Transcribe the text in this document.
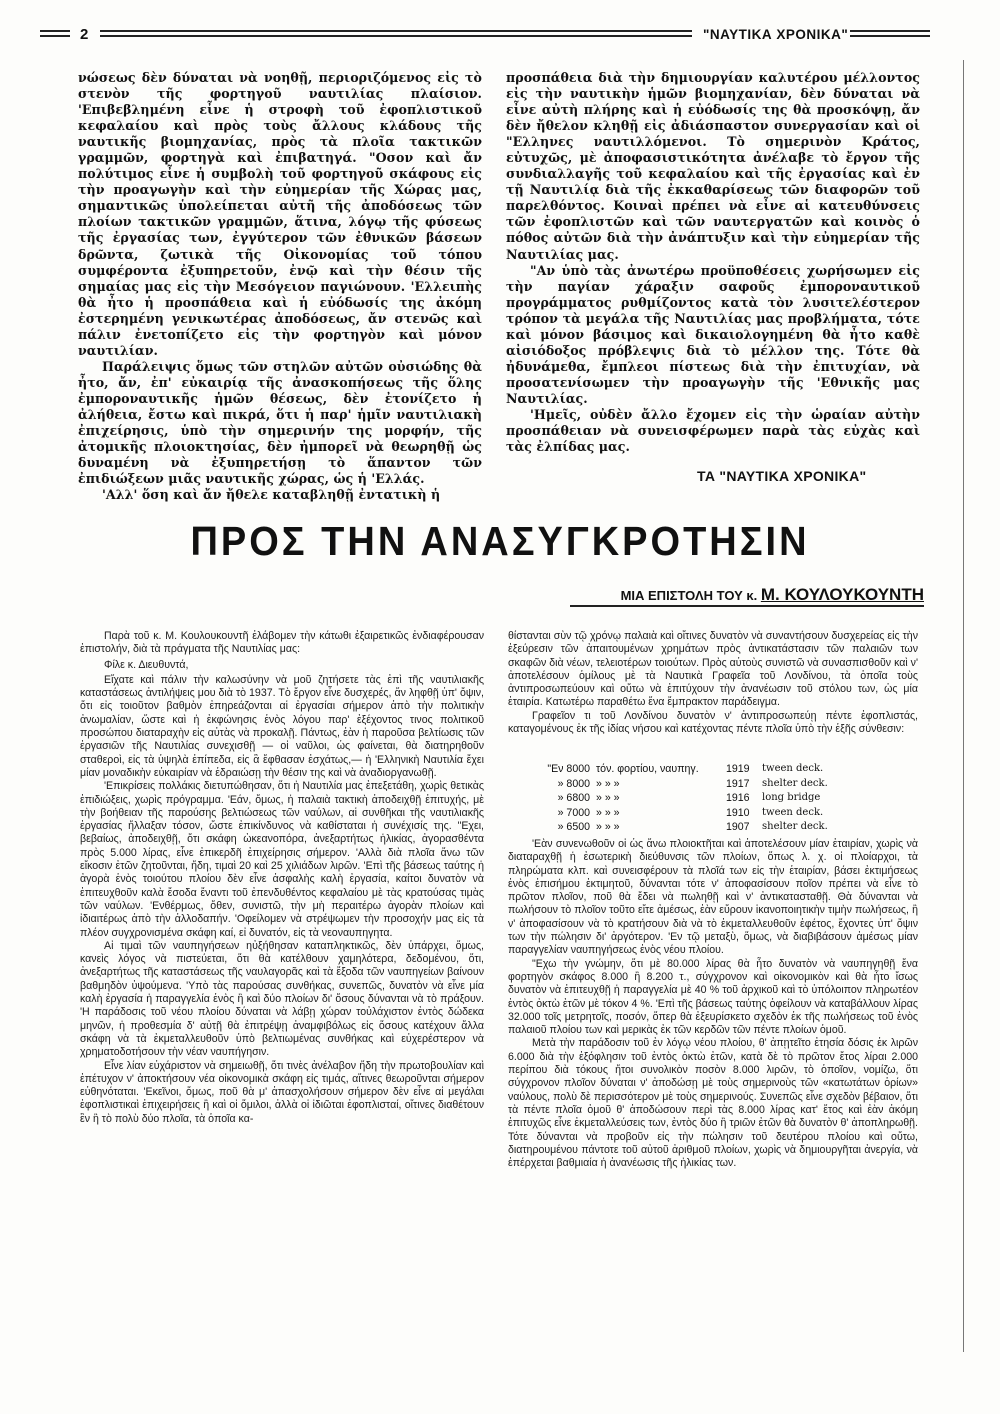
2	"ΝΑΥΤΙΚΑ ΧΡΟΝΙΚΑ"

νώσεως δὲν δύναται νὰ νοηθῇ, περιοριζόμενος εἰς τὸ στενὸν τῆς φορτηγοῦ ναυτιλίας πλαίσιον. 'Επιβεβλημένη εἶνε ἡ στροφὴ τοῦ ἐφοπλιστικοῦ κεφαλαίου καὶ πρὸς τοὺς ἄλλους κλάδους τῆς ναυτικῆς βιομηχανίας, πρὸς τὰ πλοῖα τακτικῶν γραμμῶν, φορτηγὰ καὶ ἐπιβατηγά. "Οσον καὶ ἄν πολύτιμος εἶνε ἡ συμβολὴ τοῦ φορτηγοῦ σκάφους εἰς τὴν προαγωγὴν καὶ τὴν εὐημερίαν τῆς Χώρας μας, σημαντικῶς ὑπολείπεται αὐτῆ τῆς ἀποδόσεως τῶν πλοίων τακτικῶν γραμμῶν, ἅτινα, λόγῳ τῆς φύσεως τῆς ἐργασίας των, ἐγγύτερον τῶν ἐθνικῶν βάσεων δρῶντα, ζωτικὰ τῆς Οἰκονομίας τοῦ τόπου συμφέροντα ἐξυπηρετοῦν, ἐνῷ καὶ τὴν θέσιν τῆς σημαίας μας εἰς τὴν Μεσόγειον παγιώνουν. 'Ελλειπὴς θὰ ἦτο ἡ προσπάθεια καὶ ἡ εὐόδωσίς της ἀκόμη ἐστερημένη γενικωτέρας ἀποδόσεως, ἄν στενῶς καὶ πάλιν ἐνετοπίζετο εἰς τὴν φορτηγὸν καὶ μόνον ναυτιλίαν.

Παράλειψις ὅμως τῶν στηλῶν αὐτῶν οὐσιώδης θὰ ἦτο, ἄν, ἐπ' εὐκαιρίᾳ τῆς ἀνασκοπήσεως τῆς ὅλης ἐμποροναυτικῆς ἡμῶν θέσεως, δὲν ἐτονίζετο ἡ ἀλήθεια, ἔστω καὶ πικρά, ὅτι ἡ παρ' ἡμῖν ναυτιλιακὴ ἐπιχείρησις, ὑπὸ τὴν σημερινήν της μορφήν, τῆς ἀτομικῆς πλοιοκτησίας, δὲν ἠμπορεῖ νὰ θεωρηθῇ ὡς δυναμένη νὰ ἐξυπηρετήσῃ τὸ ἅπαντον τῶν ἐπιδιώξεων μιᾶς ναυτικῆς χώρας, ὡς ἡ 'Ελλάς.

'Αλλ' ὅση καὶ ἄν ἤθελε καταβληθῇ ἐντατικὴ ἡ

προσπάθεια διὰ τὴν δημιουργίαν καλυτέρου μέλλοντος εἰς τὴν ναυτικὴν ἡμῶν βιομηχανίαν, δὲν δύναται νὰ εἶνε αὐτὴ πλήρης καὶ ἡ εὐόδωσίς της θὰ προσκόψῃ, ἄν δὲν ἤθελον κληθῇ εἰς ἀδιάσπαστον συνεργασίαν καὶ οἱ "Ελληνες ναυτιλλόμενοι. Τὸ σημερινὸν Κράτος, εὐτυχῶς, μὲ ἀποφασιστικότητα ἀνέλαβε τὸ ἔργον τῆς συνδιαλλαγῆς τοῦ κεφαλαίου καὶ τῆς ἐργασίας καὶ ἐν τῇ Ναυτιλίᾳ διὰ τῆς ἐκκαθαρίσεως τῶν διαφορῶν τοῦ παρελθόντος. Κοιναὶ πρέπει νὰ εἶνε αἱ κατευθύνσεις τῶν ἐφοπλιστῶν καὶ τῶν ναυτεργατῶν καὶ κοινὸς ὁ πόθος αὐτῶν διὰ τὴν ἀνάπτυξιν καὶ τὴν εὐημερίαν τῆς Ναυτιλίας μας.

"Αν ὑπὸ τὰς ἀνωτέρω προϋποθέσεις χωρήσωμεν εἰς τὴν παγίαν χάραξιν σαφοῦς ἐμποροναυτικοῦ προγράμματος ρυθμίζοντος κατὰ τὸν λυσιτελέστερον τρόπον τὰ μεγάλα τῆς Ναυτιλίας μας προβλήματα, τότε καὶ μόνον βάσιμος καὶ δικαιολογημένη θὰ ἦτο καθὲ αἰσιόδοξος πρόβλεψις διὰ τὸ μέλλον της. Τότε θὰ ἠδυνάμεθα, ἔμπλεοι πίστεως διὰ τὴν ἐπιτυχίαν, νὰ προσατενίσωμεν τὴν προαγωγὴν τῆς 'Εθνικῆς μας Ναυτιλίας.

'Ημεῖς, οὐδὲν ἄλλο ἔχομεν εἰς τὴν ὡραίαν αὐτὴν προσπάθειαν νὰ συνεισφέρωμεν παρὰ τὰς εὐχὰς καὶ τὰς ἐλπίδας μας.

ΤΑ "ΝΑΥΤΙΚΑ ΧΡΟΝΙΚΑ"
ΠΡΟΣ ΤΗΝ ΑΝΑΣΥΓΚΡΟΤΗΣΙΝ
ΜΙΑ ΕΠΙΣΤΟΛΗ ΤΟΥ κ. Μ. ΚΟΥΛΟΥΚΟΥΝΤΗ

Παρὰ τοῦ κ. Μ. Κουλουκουντῆ ἐλάβομεν τὴν κάτωθι ἐξαιρετικῶς ἐνδιαφέρουσαν ἐπιστολήν, διὰ τὰ πράγματα τῆς Ναυτιλίας μας:

Φίλε κ. Διευθυντά,

Εἴχατε καὶ πάλιν τὴν καλωσύνην νὰ μοῦ ζητήσετε τὰς ἐπὶ τῆς ναυτιλιακῆς καταστάσεως ἀντιλήψεις μου διὰ τὸ 1937. Τὸ ἔργον εἶνε δυσχερές, ἄν ληφθῇ ὑπ' ὄψιν, ὅτι εἰς τοιοῦτον βαθμὸν ἐπηρεάζονται αἱ ἐργασίαι σήμερον ἀπὸ τὴν πολιτικὴν ἀνωμαλίαν, ὥστε καὶ ἡ ἐκφώνησις ἑνὸς λόγου παρ' ἐξέχοντος τινος πολιτικοῦ προσώπου διαταραχὴν εἰς αὐτὰς νὰ προκαλῇ. Πάντως, ἐὰν ἡ παροῦσα βελτίωσις τῶν ἐργασιῶν τῆς Ναυτιλίας συνεχισθῇ — οἱ ναῦλοι, ὡς φαίνεται, θὰ διατηρηθοῦν σταθεροὶ, εἰς τὰ ὑψηλὰ ἐπίπεδα, εἰς ἃ ἔφθασαν ἐσχάτως,— ἡ 'Ελληνικὴ Ναυτιλία ἔχει μίαν μοναδικὴν εὐκαιρίαν νὰ ἑδραιώσῃ τὴν θέσιν της καὶ νὰ ἀναδιοργανωθῇ.

'Επικρίσεις πολλάκις διετυπώθησαν, ὅτι ἡ Ναυτιλία μας ἐπεξετάθη, χωρὶς θετικὰς ἐπιδιώξεις, χωρὶς πρόγραμμα. 'Εάν, ὅμως, ἡ παλαιὰ τακτικὴ ἀποδειχθῇ ἐπιτυχής, μὲ τὴν βοήθειαν τῆς παρούσης βελτιώσεως τῶν ναύλων, αἱ συνθῆκαι τῆς ναυτιλιακῆς ἐργασίας ἤλλαξαν τόσον, ὥστε ἐπικίνδυνος νὰ καθίσταται ἡ συνέχισίς της. "Εχει, βεβαίως, ἀποδειχθῇ, ὅτι σκάφη ὠκεανοπόρα, ἀνεξαρτήτως ἡλικίας, ἀγορασθέντα πρὸς 5.000 λίρας, εἶνε ἐπικερδῆ ἐπιχείρησις σήμερον. 'Αλλὰ διὰ πλοῖα ἄνω τῶν εἴκοσιν ἐτῶν ζητοῦνται, ἤδη, τιμαὶ 20 καὶ 25 χιλιάδων λιρῶν. 'Επὶ τῆς βάσεως ταύτης ἡ ἀγορὰ ἑνὸς τοιούτου πλοίου δὲν εἶνε ἀσφαλὴς καλὴ ἐργασία, καίτοι δυνατὸν νὰ ἐπιτευχθοῦν καλὰ ἔσοδα ἔναντι τοῦ ἐπενδυθέντος κεφαλαίου μὲ τὰς κρατούσας τιμὰς τῶν ναύλων. 'Ενθέρμως, ὅθεν, συνιστῶ, τὴν μὴ περαιτέρω ἀγορὰν πλοίων καὶ ἰδιαιτέρως ἀπὸ τὴν ἀλλοδαπήν. 'Οφείλομεν νὰ στρέψωμεν τὴν προσοχήν μας εἰς τὰ πλέον συγχρονισμένα σκάφη καί, εἰ δυνατόν, εἰς τὰ νεοναυπηγητα.

Αἱ τιμαὶ τῶν ναυπηγήσεων ηὐξήθησαν καταπληκτικῶς, δὲν ὑπάρχει, ὅμως, κανεὶς λόγος νὰ πιστεύεται, ὅτι θὰ κατέλθουν χαμηλότερα, δεδομένου, ὅτι, ἀνεξαρτήτως τῆς καταστάσεως τῆς ναυλαγορᾶς καὶ τὰ ἔξοδα τῶν ναυπηγείων βαίνουν βαθμηδὸν ὑψούμενα. 'Υπὸ τὰς παρούσας συνθήκας, συνεπῶς, δυνατὸν νὰ εἶνε μία καλὴ ἐργασία ἡ παραγγελία ἑνὸς ἢ καὶ δύο πλοίων δι' ὅσους δύνανται νὰ τὸ πράξουν. 'Η παράδοσις τοῦ νέου πλοίου δύναται νὰ λάβῃ χώραν τοὐλάχιστον ἐντὸς δώδεκα μηνῶν, ἡ προθεσμία δ' αὐτῇ θὰ ἐπιτρέψῃ ἀναμφιβόλως εἰς ὅσους κατέχουν ἄλλα σκάφη νὰ τὰ ἐκμεταλλευθοῦν ὑπὸ βελτιωμένας συνθήκας καὶ εὐχερέστερον νὰ χρηματοδοτήσουν τὴν νέαν ναυπήγησιν.

Εἶνε λίαν εὐχάριστον νὰ σημειωθῇ, ὅτι τινὲς ἀνέλαβον ἤδη τὴν πρωτοβουλίαν καὶ ἐπέτυχον ν' ἀποκτήσουν νέα οἰκονομικὰ σκάφη εἰς τιμάς, αἵτινες θεωροῦνται σήμερον εὐθηνόταται. 'Εκεῖνοι, ὅμως, ποῦ θὰ μ' ἀπασχολήσουν σήμερον δὲν εἶνε αἱ μεγάλαι ἐφοπλιστικαὶ ἐπιχειρήσεις ἢ καὶ οἱ ὅμιλοι, ἀλλὰ οἱ ἰδιῶται ἐφοπλισταί, οἵτινες διαθέτουν ἓν ἢ τὸ πολὺ δύο πλοῖα, τὰ ὁποῖα κα-

θίστανται σὺν τῷ χρόνῳ παλαιὰ καὶ οἵτινες δυνατὸν νὰ συναντήσουν δυσχερείας εἰς τὴν ἐξεύρεσιν τῶν ἀπαιτουμένων χρημάτων πρὸς ἀντικατάστασιν τῶν παλαιῶν των σκαφῶν διὰ νέων, τελειοτέρων τοιούτων. Πρὸς αὐτοὺς συνιστῶ νὰ συνασπισθοῦν καὶ ν' ἀποτελέσουν ὁμίλους μὲ τὰ Ναυτικὰ Γραφεῖα τοῦ Λονδίνου, τὰ ὁποῖα τοὺς ἀντιπροσωπεύουν καὶ οὕτω νὰ ἐπιτύχουν τὴν ἀνανέωσιν τοῦ στόλου των, ὡς μία ἑταιρία. Κατωτέρω παραθέτω ἕνα ἔμπρακτον παράδειγμα.

Γραφεῖον τι τοῦ Λονδίνου δυνατὸν ν' ἀντιπροσωπεύῃ πέντε ἐφοπλιστάς, καταγομένους ἐκ τῆς ἰδίας νήσου καὶ κατέχοντας πέντε πλοῖα ὑπὸ τὴν ἑξῆς σύνθεσιν:

"Εν 8000 τόν. φορτίου, ναυπηγ.	1919	tween deck.
» 8000 » » »	1917	shelter deck.
» 6800 » » »	1916	long bridge
» 7000 » » »	1910	tween deck.
» 6500 » » »	1907	shelter deck.

'Εὰν συνενωθοῦν οἱ ὡς ἄνω πλοιοκτῆται καὶ ἀποτελέσουν μίαν ἑταιρίαν, χωρὶς νὰ διαταραχθῇ ἡ ἐσωτερικὴ διεύθυνσις τῶν πλοίων, ὅπως λ. χ. οἱ πλοίαρχοι, τὰ πληρώματα κλπ. καὶ συνεισφέρουν τὰ πλοῖά των εἰς τὴν ἑταιρίαν, βάσει ἐκτιμήσεως ἑνὸς ἐπισήμου ἐκτιμητοῦ, δύνανται τότε ν' ἀποφασίσουν ποῖον πρέπει νὰ εἶνε τὸ πρῶτον πλοῖον, ποῦ θὰ ἔδει νὰ πωληθῇ καὶ ν' ἀντικατασταθῇ. Θὰ δύνανται νὰ πωλήσουν τὸ πλοῖον τοῦτο εἴτε ἀμέσως, ἐὰν εὕρουν ἱκανοποιητικὴν τιμὴν πωλήσεως, ἢ ν' ἀποφασίσουν νὰ τὸ κρατήσουν διὰ νὰ τὸ ἐκμεταλλευθοῦν ἐφέτος, ἔχοντες ὑπ' ὄψιν των τὴν πώλησιν δι' ἀργότερον. 'Εν τῷ μεταξὺ, ὅμως, νὰ διαβιβάσουν ἀμέσως μίαν παραγγελίαν ναυπηγήσεως ἑνὸς νέου πλοίου.

"Εχω τὴν γνώμην, ὅτι μὲ 80.000 λίρας θὰ ἦτο δυνατὸν νὰ ναυπηγηθῇ ἕνα φορτηγὸν σκάφος 8.000 ἢ 8.200 τ., σύγχρονον καὶ οἰκονομικὸν καὶ θὰ ἦτο ἴσως δυνατὸν νὰ ἐπιτευχθῇ ἡ παραγγελία μὲ 40 % τοῦ ἀρχικοῦ καὶ τὸ ὑπόλοιπον πληρωτέον ἐντὸς ὀκτὼ ἐτῶν μὲ τόκον 4 %. 'Επὶ τῆς βάσεως ταύτης ὀφείλουν νὰ καταβάλλουν λίρας 32.000 τοῖς μετρητοῖς, ποσόν, ὅπερ θὰ ἐξευρίσκετο σχεδὸν ἐκ τῆς πωλήσεως τοῦ ἑνὸς παλαιοῦ πλοίου των καὶ μερικὰς ἐκ τῶν κερδῶν τῶν πέντε πλοίων ὁμοῦ.

Μετὰ τὴν παράδοσιν τοῦ ἐν λόγῳ νέου πλοίου, θ' ἀπῃτεῖτο ἐτησία δόσις ἐκ λιρῶν 6.000 διὰ τὴν ἐξόφλησιν τοῦ ἐντὸς ὀκτὼ ἐτῶν, κατὰ δὲ τὸ πρῶτον ἔτος λίραι 2.000 περίπου διὰ τόκους ἤτοι συνολικὸν ποσὸν 8.000 λιρῶν, τὸ ὁποῖον, νομίζω, ὅτι σύγχρονον πλοῖον δύναται ν' ἀποδώσῃ μὲ τοὺς σημερινοὺς τῶν «κατωτάτων ὁρίων» ναύλους, πολὺ δὲ περισσότερον μὲ τοὺς σημερινούς. Συνεπῶς εἶνε σχεδὸν βέβαιον, ὅτι τὰ πέντε πλοῖα ὁμοῦ θ' ἀποδώσουν περὶ τὰς 8.000 λίρας κατ' ἔτος καὶ ἐὰν ἀκόμη ἐπιτυχῶς εἶνε ἐκμεταλλεύσεις των, ἐντὸς δύο ἢ τριῶν ἐτῶν θὰ δυνατὸν θ' ἀποπληρωθῇ. Τότε δύνανται νὰ προβοῦν εἰς τὴν πώλησιν τοῦ δευτέρου πλοίου καὶ οὕτω, διατηρουμένου πάντοτε τοῦ αὐτοῦ ἀριθμοῦ πλοίων, χωρὶς νὰ δημιουργῆται ἀνεργία, νὰ ἐπέρχεται βαθμιαία ἡ ἀνανέωσις τῆς ἡλικίας των.
